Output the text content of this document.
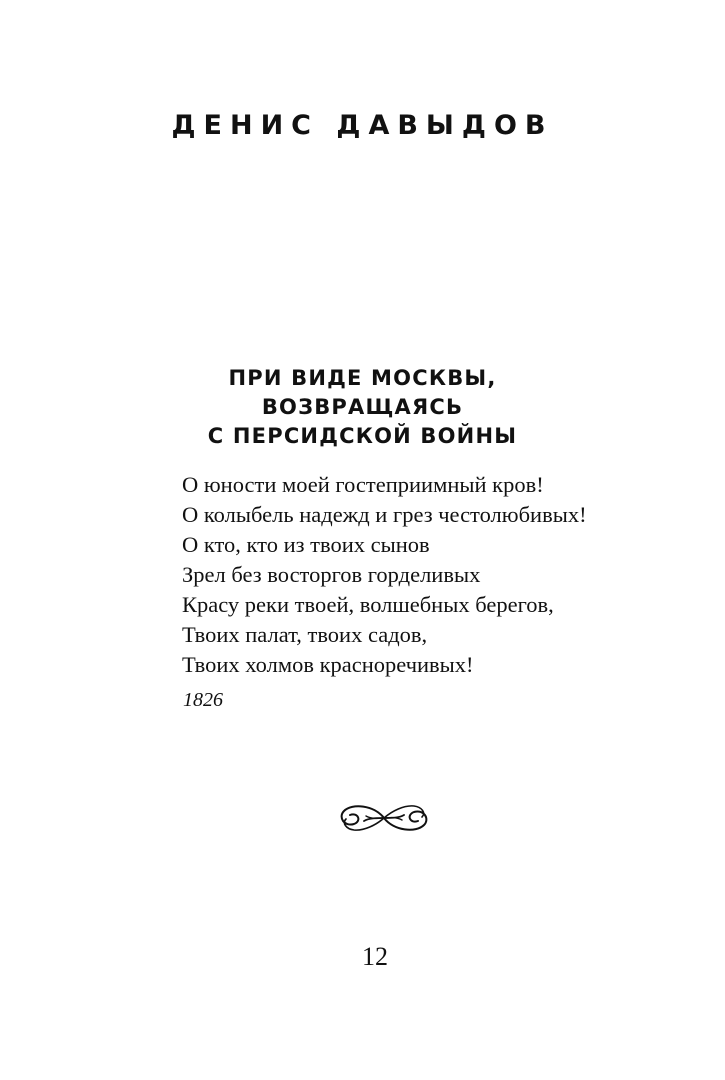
ДЕНИС ДАВЫДОВ
ПРИ ВИДЕ МОСКВЫ,
ВОЗВРАЩАЯСЬ
С ПЕРСИДСКОЙ ВОЙНЫ
О юности моей гостеприимный кров!
О колыбель надежд и грез честолюбивых!
О кто, кто из твоих сынов
Зрел без восторгов горделивых
Красу реки твоей, волшебных берегов,
Твоих палат, твоих садов,
Твоих холмов красноречивых!
1826
12
